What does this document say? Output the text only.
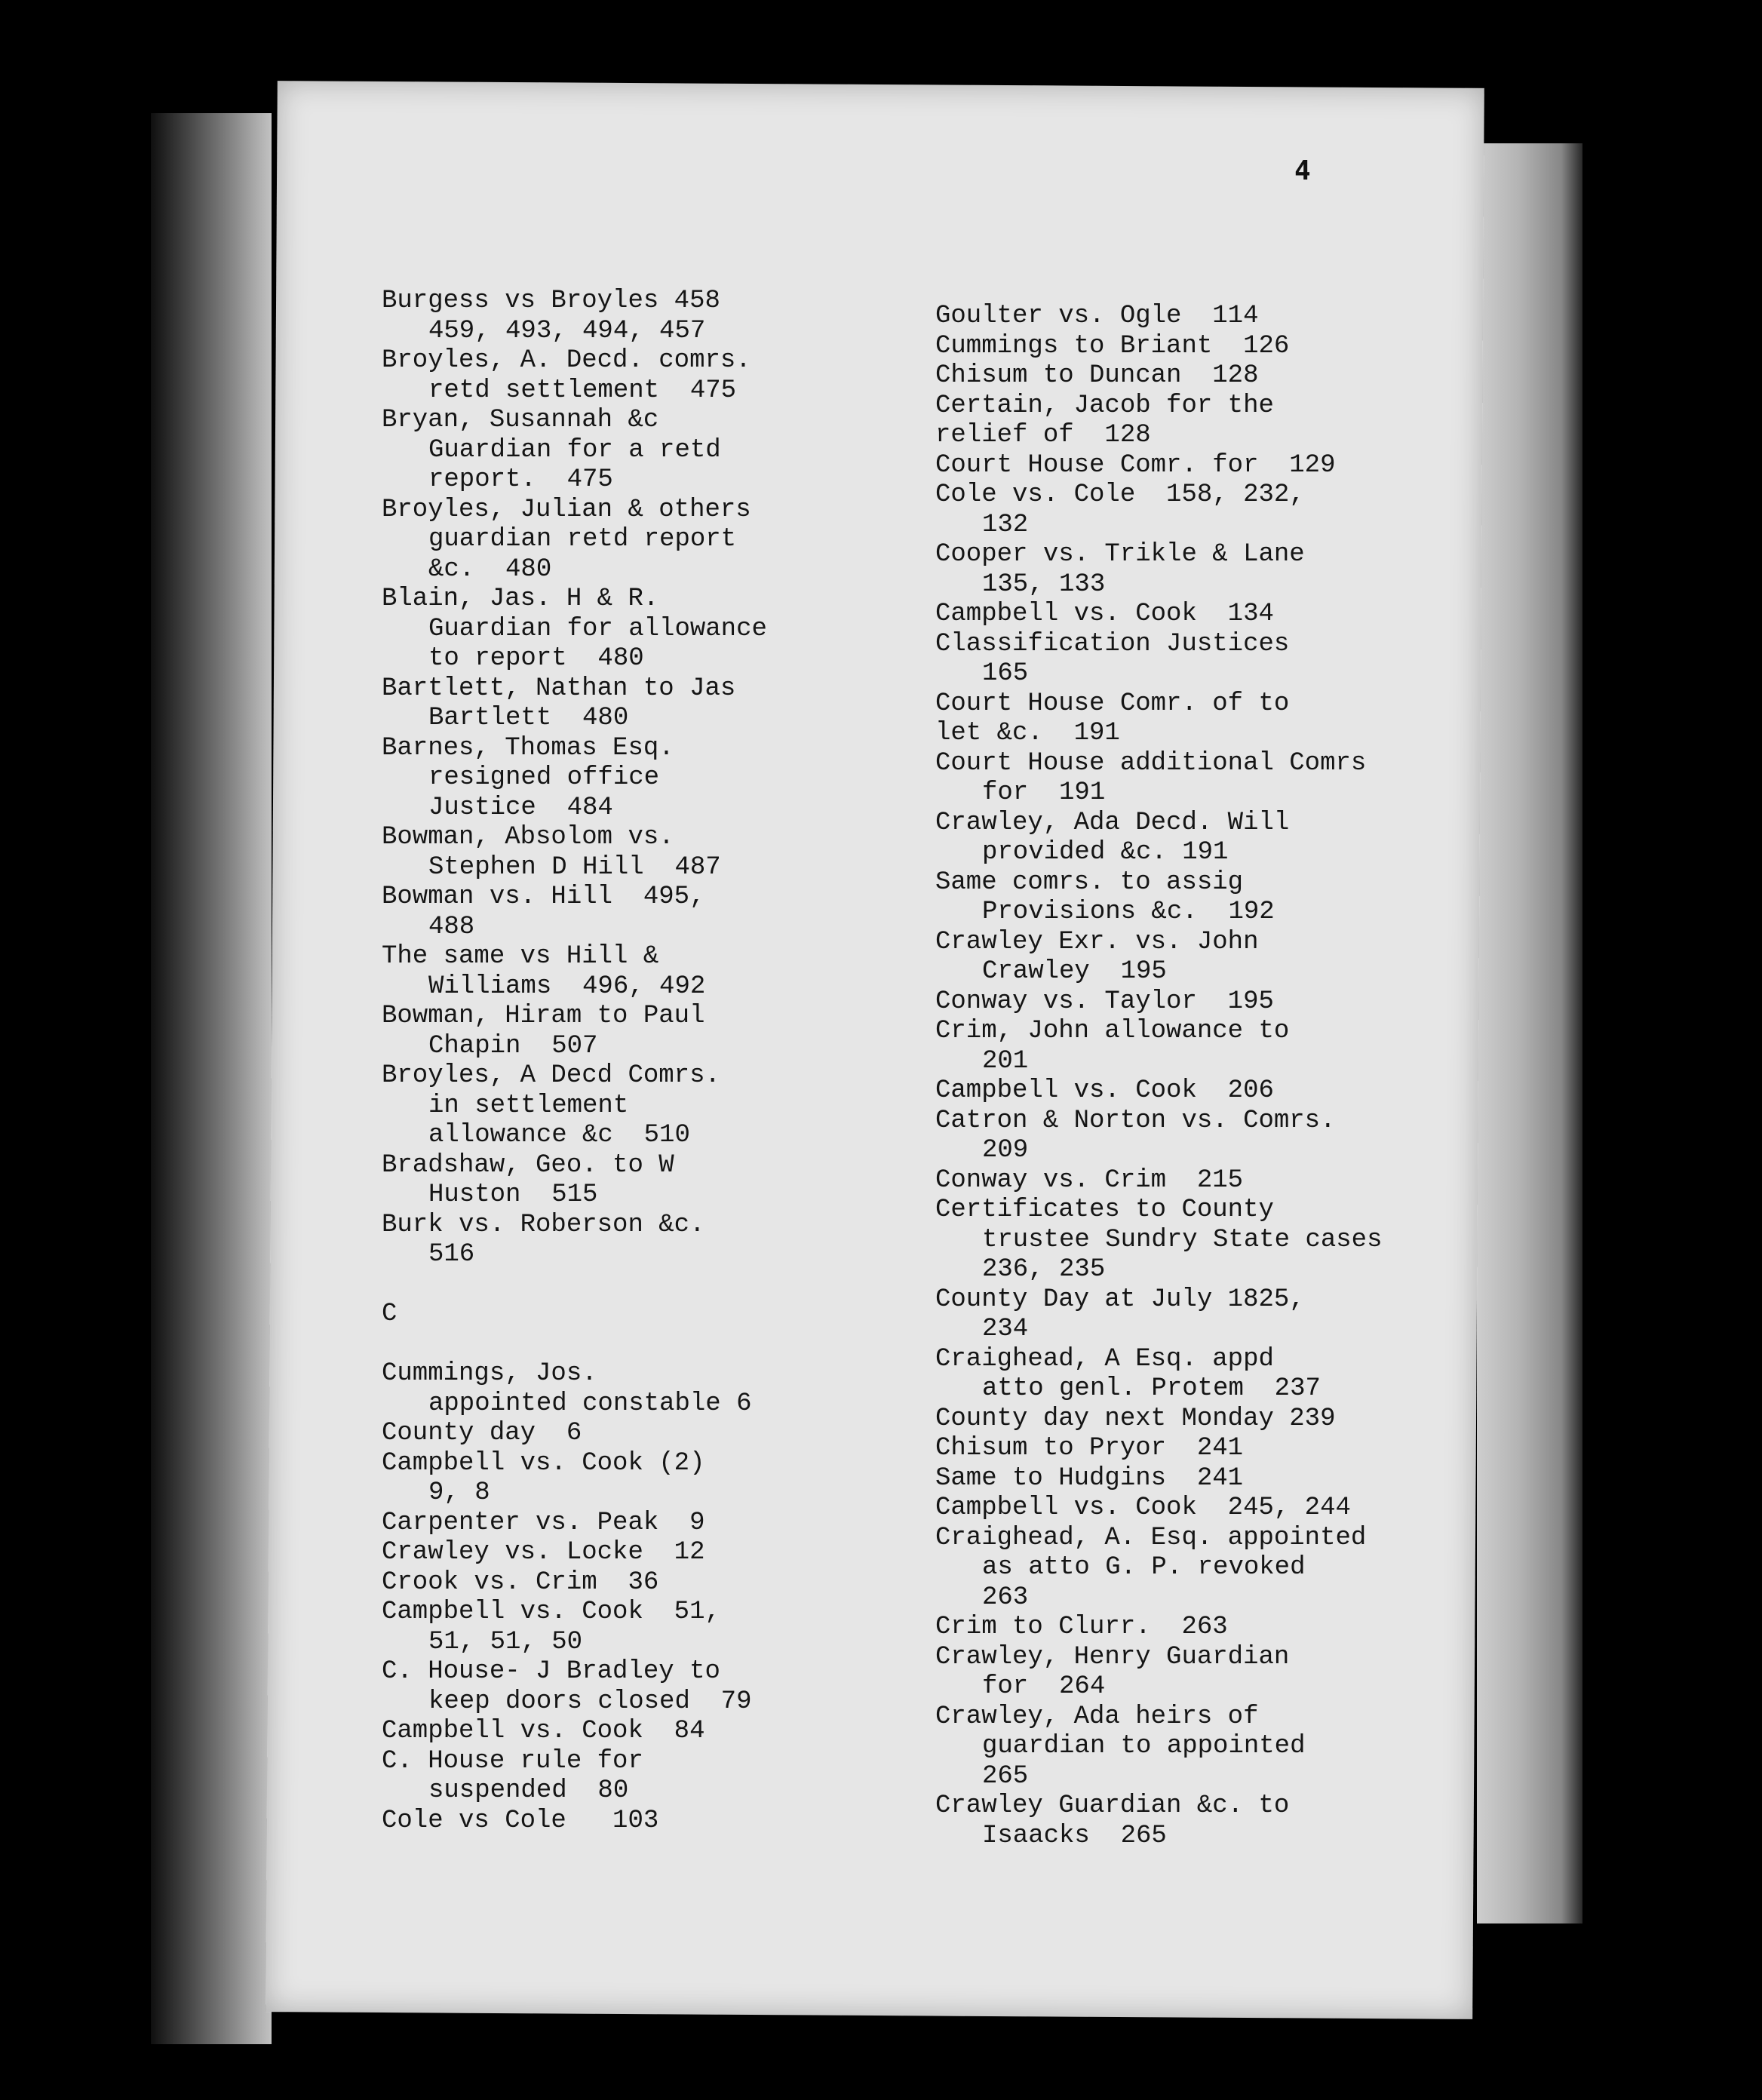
4
Burgess vs Broyles 458
459, 493, 494, 457
Broyles, A. Decd. comrs.
retd settlement  475
Bryan, Susannah &c
Guardian for a retd
report.  475
Broyles, Julian & others
guardian retd report
&c.  480
Blain, Jas. H & R.
Guardian for allowance
to report  480
Bartlett, Nathan to Jas
Bartlett  480
Barnes, Thomas Esq.
resigned office
Justice  484
Bowman, Absolom vs.
Stephen D Hill  487
Bowman vs. Hill  495,
488
The same vs Hill &
Williams  496, 492
Bowman, Hiram to Paul
Chapin  507
Broyles, A Decd Comrs.
in settlement
allowance &c  510
Bradshaw, Geo. to W
Huston  515
Burk vs. Roberson &c.
516
C
Cummings, Jos.
appointed constable 6
County day  6
Campbell vs. Cook (2)
9, 8
Carpenter vs. Peak  9
Crawley vs. Locke  12
Crook vs. Crim  36
Campbell vs. Cook  51,
51, 51, 50
C. House- J Bradley to
keep doors closed  79
Campbell vs. Cook  84
C. House rule for
suspended  80
Cole vs Cole   103
Goulter vs. Ogle  114
Cummings to Briant  126
Chisum to Duncan  128
Certain, Jacob for the
relief of  128
Court House Comr. for  129
Cole vs. Cole  158, 232,
132
Cooper vs. Trikle & Lane
135, 133
Campbell vs. Cook  134
Classification Justices
165
Court House Comr. of to
let &c.  191
Court House additional Comrs
for  191
Crawley, Ada Decd. Will
provided &c. 191
Same comrs. to assig
Provisions &c.  192
Crawley Exr. vs. John
Crawley  195
Conway vs. Taylor  195
Crim, John allowance to
201
Campbell vs. Cook  206
Catron & Norton vs. Comrs.
209
Conway vs. Crim  215
Certificates to County
trustee Sundry State cases
236, 235
County Day at July 1825,
234
Craighead, A Esq. appd
atto genl. Protem  237
County day next Monday 239
Chisum to Pryor  241
Same to Hudgins  241
Campbell vs. Cook  245, 244
Craighead, A. Esq. appointed
as atto G. P. revoked
263
Crim to Clurr.  263
Crawley, Henry Guardian
for  264
Crawley, Ada heirs of
guardian to appointed
265
Crawley Guardian &c. to
Isaacks  265
